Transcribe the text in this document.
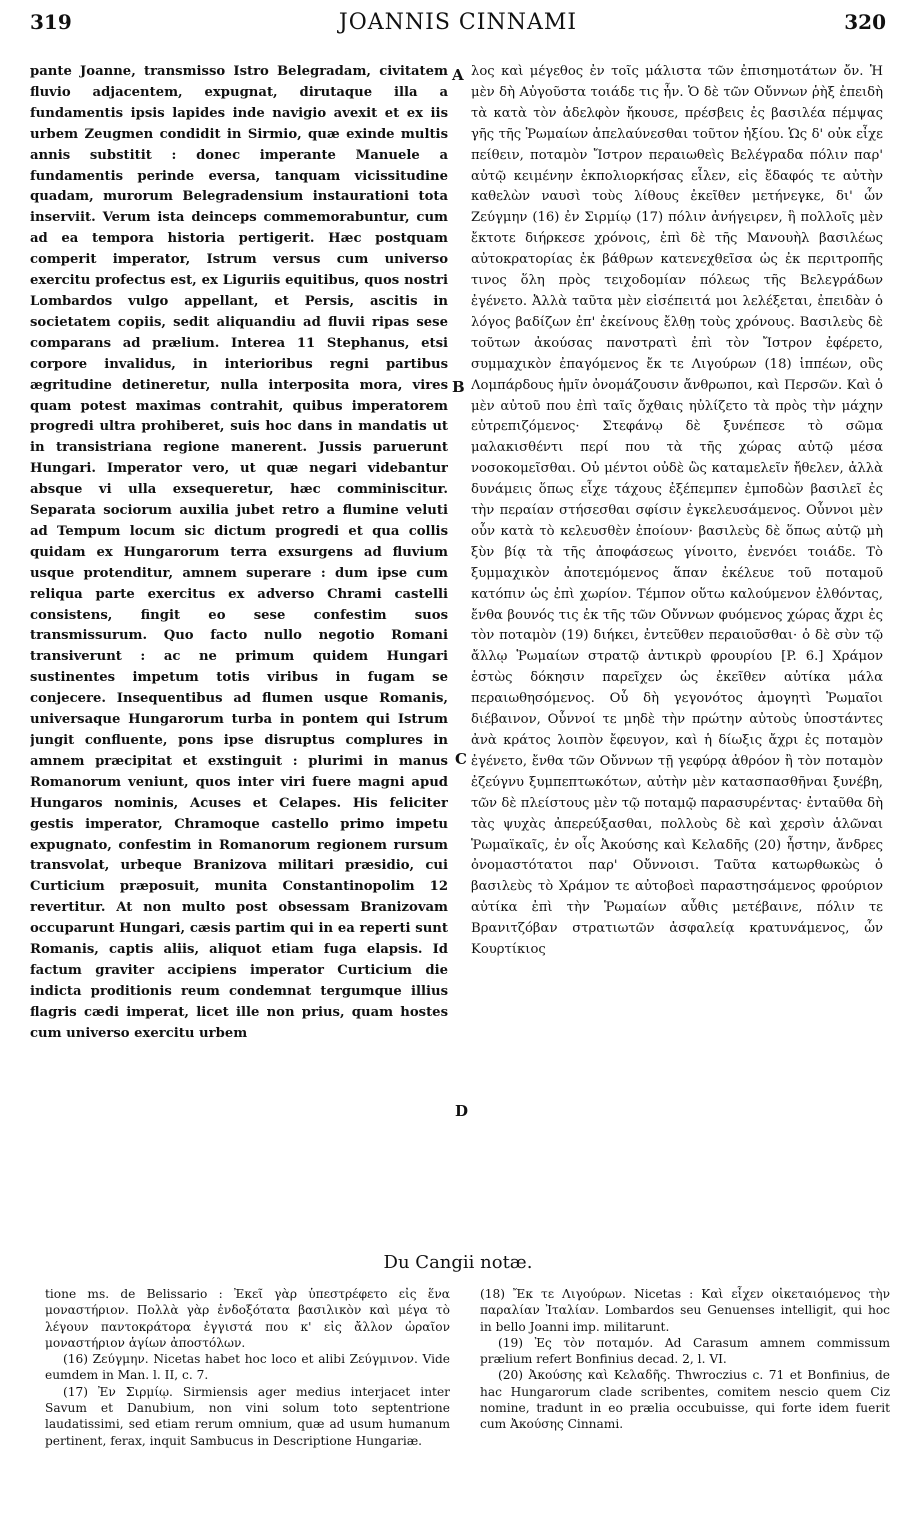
319	JOANNIS CINNAMI	320

pante Joanne, transmisso Istro Belegradam, civitatem fluvio adjacentem, expugnat, dirutaque illa a fundamentis ipsis lapides inde navigio avexit et ex iis urbem Zeugmen condidit in Sirmio, quæ exinde multis annis substitit : donec imperante Manuele a fundamentis perinde eversa, tanquam vicissitudine quadam, murorum Belegradensium instaurationi tota inserviit. Verum ista deinceps commemorabuntur, cum ad ea tempora historia pertigerit. Hæc postquam comperit imperator, Istrum versus cum universo exercitu profectus est, ex Liguriis equitibus, quos nostri Lombardos vulgo appellant, et Persis, ascitis in societatem copiis, sedit aliquandiu ad fluvii ripas sese comparans ad prælium. Interea 11 Stephanus, etsi corpore invalidus, in interioribus regni partibus ægritudine detineretur, nulla interposita mora, vires quam potest maximas contrahit, quibus imperatorem progredi ultra prohiberet, suis hoc dans in mandatis ut in transistriana regione manerent. Jussis paruerunt Hungari. Imperator vero, ut quæ negari videbantur absque vi ulla exsequeretur, hæc comminiscitur. Separata sociorum auxilia jubet retro a flumine veluti ad Tempum locum sic dictum progredi et qua collis quidam ex Hungarorum terra exsurgens ad fluvium usque protenditur, amnem superare : dum ipse cum reliqua parte exercitus ex adverso Chrami castelli consistens, fingit eo sese confestim suos transmissurum. Quo facto nullo negotio Romani transiverunt : ac ne primum quidem Hungari sustinentes impetum totis viribus in fugam se conjecere. Insequentibus ad flumen usque Romanis, universaque Hungarorum turba in pontem qui Istrum jungit confluente, pons ipse disruptus complures in amnem præcipitat et exstinguit : plurimi in manus Romanorum veniunt, quos inter viri fuere magni apud Hungaros nominis, Acuses et Celapes. His feliciter gestis imperator, Chramoque castello primo impetu expugnato, confestim in Romanorum regionem rursum transvolat, urbeque Branizova militari præsidio, cui Curticium præposuit, munita Constantinopolim 12 revertitur. At non multo post obsessam Branizovam occuparunt Hungari, cæsis partim qui in ea reperti sunt Romanis, captis aliis, aliquot etiam fuga elapsis. Id factum graviter accipiens imperator Curticium die indicta proditionis reum condemnat tergumque illius flagris cædi imperat, licet ille non prius, quam hostes cum universo exercitu urbem

A
B
C
D

λος καὶ μέγεθος ἐν τοῖς μάλιστα τῶν ἐπισημοτάτων ὄν. Ἡ μὲν δὴ Αὐγοῦστα τοιάδε τις ἦν. Ὁ δὲ τῶν Οὔννων ῥὴξ ἐπειδὴ τὰ κατὰ τὸν ἀδελφὸν ἤκουσε, πρέσβεις ἐς βασιλέα πέμψας γῆς τῆς Ῥωμαίων ἀπελαύνεσθαι τοῦτον ἠξίου. Ὡς δ' οὐκ εἶχε πείθειν, ποταμὸν Ἴστρον περαιωθεὶς Βελέγραδα πόλιν παρ' αὐτῷ κειμένην ἐκπολιορκήσας εἷλεν, εἰς ἔδαφός τε αὐτὴν καθελὼν ναυσὶ τοὺς λίθους ἐκεῖθεν μετήνεγκε, δι' ὧν Ζεύγμην (16) ἐν Σιρμίῳ (17) πόλιν ἀνήγειρεν, ἣ πολλοῖς μὲν ἔκτοτε διήρκεσε χρόνοις, ἐπὶ δὲ τῆς Μανουὴλ βασιλέως αὐτοκρατορίας ἐκ βάθρων κατενεχθεῖσα ὡς ἐκ περιτροπῆς τινος ὅλη πρὸς τειχοδομίαν πόλεως τῆς Βελεγράδων ἐγένετο. Ἀλλὰ ταῦτα μὲν εἰσέπειτά μοι λελέξεται, ἐπειδὰν ὁ λόγος βαδίζων ἐπ' ἐκείνους ἔλθῃ τοὺς χρόνους. Βασιλεὺς δὲ τοῦτων ἀκούσας πανστρατὶ ἐπὶ τὸν Ἴστρον ἐφέρετο, συμμαχικὸν ἐπαγόμενος ἔκ τε Λιγούρων (18) ἱππέων, οὓς Λομπάρδους ἡμῖν ὀνομάζουσιν ἄνθρωποι, καὶ Περσῶν. Καὶ ὁ μὲν αὐτοῦ που ἐπὶ ταῖς ὄχθαις ηὐλίζετο τὰ πρὸς τὴν μάχην εὐτρεπιζόμενος· Στεφάνῳ δὲ ξυνέπεσε τὸ σῶμα μαλακισθέντι περί που τὰ τῆς χώρας αὐτῷ μέσα νοσοκομεῖσθαι. Οὐ μέντοι οὐδὲ ὣς καταμελεῖν ἤθελεν, ἀλλὰ δυνάμεις ὅπως εἶχε τάχους ἐξέπεμπεν ἐμποδὼν βασιλεῖ ἐς τὴν περαίαν στήσεσθαι σφίσιν ἐγκελευσάμενος. Οὖννοι μὲν οὖν κατὰ τὸ κελευσθὲν ἐποίουν· βασιλεὺς δὲ ὅπως αὐτῷ μὴ ξὺν βίᾳ τὰ τῆς ἀποφάσεως γίνοιτο, ἐνενόει τοιάδε. Τὸ ξυμμαχικὸν ἀποτεμόμενος ἅπαν ἐκέλευε τοῦ ποταμοῦ κατόπιν ὡς ἐπὶ χωρίον. Τέμπον οὕτω καλούμενον ἐλθόντας, ἔνθα βουνός τις ἐκ τῆς τῶν Οὔννων φυόμενος χώρας ἄχρι ἐς τὸν ποταμὸν (19) διήκει, ἐντεῦθεν περαιοῦσθαι· ὁ δὲ σὺν τῷ ἄλλῳ Ῥωμαίων στρατῷ ἀντικρὺ φρουρίου [P. 6.] Χράμον ἑστὼς δόκησιν παρεῖχεν ὡς ἐκεῖθεν αὐτίκα μάλα περαιωθησόμενος. Οὗ δὴ γεγονότος ἀμογητὶ Ῥωμαῖοι διέβαινον, Οὖννοί τε μηδὲ τὴν πρώτην αὐτοὺς ὑποστάντες ἀνὰ κράτος λοιπὸν ἔφευγον, καὶ ἡ δίωξις ἄχρι ἐς ποταμὸν ἐγένετο, ἔνθα τῶν Οὔννων τῇ γεφύρᾳ ἀθρόον ἢ τὸν ποταμὸν ἐζεύγνυ ξυμπεπτωκότων, αὐτὴν μὲν κατασπασθῆναι ξυνέβη, τῶν δὲ πλείστους μὲν τῷ ποταμῷ παρασυρέντας· ἐνταῦθα δὴ τὰς ψυχὰς ἀπερεύξασθαι, πολλοὺς δὲ καὶ χερσὶν ἁλῶναι Ῥωμαϊκαῖς, ἐν οἷς Ἀκούσης καὶ Κελαδῆς (20) ἦστην, ἄνδρες ὀνομαστότατοι παρ' Οὔννοισι. Ταῦτα κατωρθωκὼς ὁ βασιλεὺς τὸ Χράμον τε αὐτοβοεὶ παραστησάμενος φρούριον αὐτίκα ἐπὶ τὴν Ῥωμαίων αὖθις μετέβαινε, πόλιν τε Βρανιτζόβαν στρατιωτῶν ἀσφαλείᾳ κρατυνάμενος, ὧν Κουρτίκιος

Du Cangii notæ.

tione ms. de Belissario : Ἐκεῖ γὰρ ὑπεστρέφετο εἰς ἕνα μοναστήριον. Πολλὰ γὰρ ἐνδοξότατα βασιλικὸν καὶ μέγα τὸ λέγουν παντοκράτορα ἐγγιστά που κ' εἰς ἄλλον ὡραῖον μοναστήριον ἁγίων ἀποστόλων.

(16) Ζεύγμην. Nicetas habet hoc loco et alibi Ζεύγμινον. Vide eumdem in Man. l. II, c. 7.

(17) Ἐν Σιρμίῳ. Sirmiensis ager medius interjacet inter Savum et Danubium, non vini solum toto septentrione laudatissimi, sed etiam rerum omnium, quæ ad usum humanum pertinent, ferax, inquit Sambucus in Descriptione Hungariæ.

(18) Ἔκ τε Λιγούρων. Nicetas : Καὶ εἶχεν οἰκεταιόμενος τὴν παραλίαν Ἰταλίαν. Lombardos seu Genuenses intelligit, qui hoc in bello Joanni imp. militarunt.

(19) Ἐς τὸν ποταμόν. Ad Carasum amnem commissum prælium refert Bonfinius decad. 2, l. VI.

(20) Ἀκούσης καὶ Κελαδῆς. Thwroczius c. 71 et Bonfinius, de hac Hungarorum clade scribentes, comitem nescio quem Ciz nomine, tradunt in eo prælia occubuisse, qui forte idem fuerit cum Ἀκούσης Cinnami.
